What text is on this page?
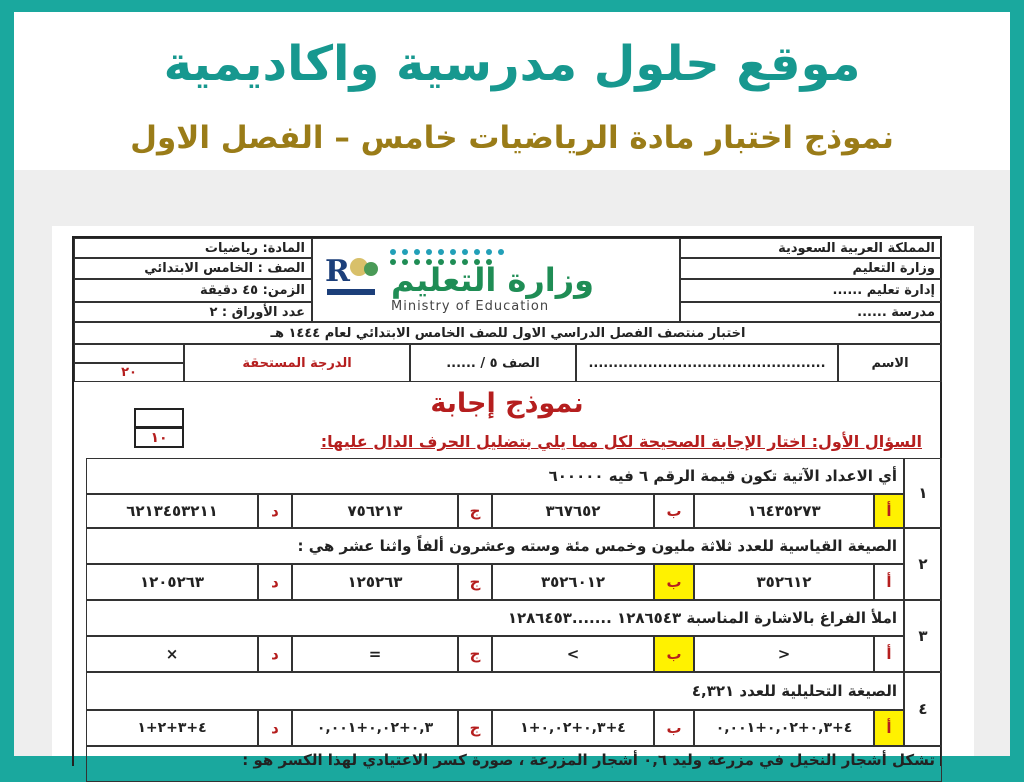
موقع حلول مدرسية واكاديمية
نموذج اختبار مادة الرياضيات خامس – الفصل الاول
المملكة العربية السعودية
وزارة التعليم
إدارة تعليم ......
مدرسة ......
R وزارة التعليم
Ministry of Education
المادة: رياضيات
الصف : الخامس الابتدائي
الزمن: ٤٥ دقيقة
عدد الأوراق : ٢
اختبار منتصف الفصل الدراسي الاول للصف الخامس الابتدائي لعام ١٤٤٤ هـ
الاسم
................................................
الصف ٥ / ......
الدرجة المستحقة
٢٠
نموذج إجابة
١٠	السؤال الأول: اختار الإجابة الصحيحة لكل مما يلي بتضليل الحرف الدال عليها:
١
أي الاعداد الآتية تكون قيمة الرقم ٦ فيه ٦٠٠٠٠٠
أ
١٦٤٣٥٢٧٣
ب
٣٦٧٦٥٢
ج
٧٥٦٢١٣
د
٦٢١٣٤٥٣٢١١
٢
الصيغة القياسية للعدد ثلاثة مليون وخمس مئة وسته وعشرون ألفاً واثنا عشر هي :
أ
٣٥٢٦١٢
ب
٣٥٢٦٠١٢
ج
١٢٥٢٦٣
د
١٢٠٥٢٦٣
٣
املأ الفراغ بالاشارة المناسبة ١٢٨٦٥٤٣ .......١٢٨٦٤٥٣
أ
<
ب
>
ج
=
د
×
٤
الصيغة التحليلية للعدد ٤,٣٢١
أ
٤+٠,٣+٠,٠٢+٠,٠٠١
ب
٤+٠,٣+٠,٠٢+١
ج
٠,٣+٠,٠٢+٠,٠٠١
د
٤+٣+٢+١
تشكل أشجار النخيل في مزرعة وليد ٠,٦ أشجار المزرعة ، صورة كسر الاعتيادي لهذا الكسر هو :
